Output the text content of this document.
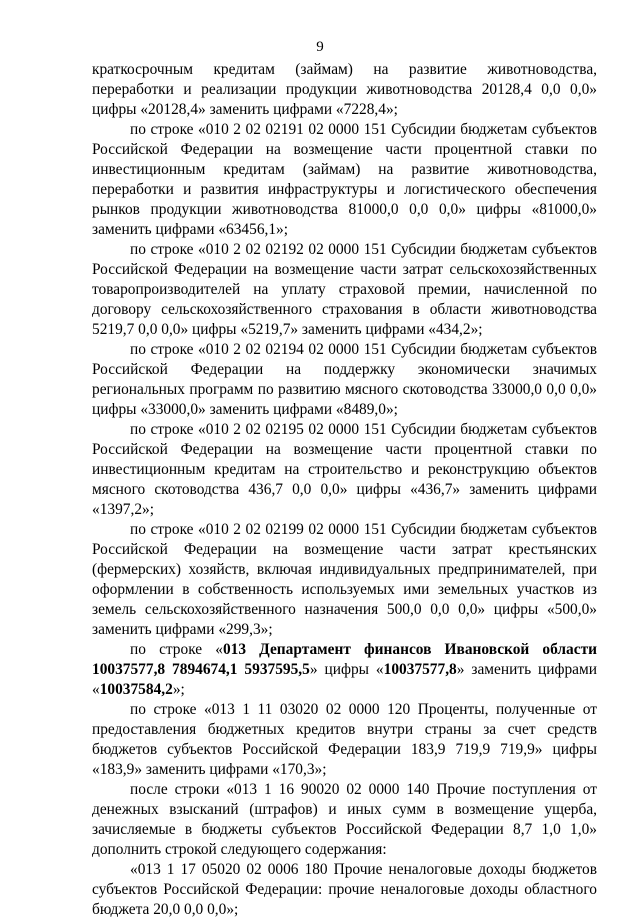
9

краткосрочным кредитам (займам) на развитие животноводства, переработки и реализации продукции животноводства 20128,4 0,0 0,0» цифры «20128,4» заменить цифрами «7228,4»;

по строке «010 2 02 02191 02 0000 151 Субсидии бюджетам субъектов Российской Федерации на возмещение части процентной ставки по инвестиционным кредитам (займам) на развитие животноводства, переработки и развития инфраструктуры и логистического обеспечения рынков продукции животноводства 81000,0 0,0 0,0» цифры «81000,0» заменить цифрами «63456,1»;

по строке «010 2 02 02192 02 0000 151 Субсидии бюджетам субъектов Российской Федерации на возмещение части затрат сельскохозяйственных товаропроизводителей на уплату страховой премии, начисленной по договору сельскохозяйственного страхования в области животноводства 5219,7 0,0 0,0» цифры «5219,7» заменить цифрами «434,2»;

по строке «010 2 02 02194 02 0000 151 Субсидии бюджетам субъектов Российской Федерации на поддержку экономически значимых региональных программ по развитию мясного скотоводства 33000,0 0,0 0,0» цифры «33000,0» заменить цифрами «8489,0»;

по строке «010 2 02 02195 02 0000 151 Субсидии бюджетам субъектов Российской Федерации на возмещение части процентной ставки по инвестиционным кредитам на строительство и реконструкцию объектов мясного скотоводства 436,7 0,0 0,0» цифры «436,7» заменить цифрами «1397,2»;

по строке «010 2 02 02199 02 0000 151 Субсидии бюджетам субъектов Российской Федерации на возмещение части затрат крестьянских (фермерских) хозяйств, включая индивидуальных предпринимателей, при оформлении в собственность используемых ими земельных участков из земель сельскохозяйственного назначения 500,0 0,0 0,0» цифры «500,0» заменить цифрами «299,3»;

по строке «013 Департамент финансов Ивановской области 10037577,8 7894674,1 5937595,5» цифры «10037577,8» заменить цифрами «10037584,2»;

по строке «013 1 11 03020 02 0000 120 Проценты, полученные от предоставления бюджетных кредитов внутри страны за счет средств бюджетов субъектов Российской Федерации 183,9 719,9 719,9» цифры «183,9» заменить цифрами «170,3»;

после строки «013 1 16 90020 02 0000 140 Прочие поступления от денежных взысканий (штрафов) и иных сумм в возмещение ущерба, зачисляемые в бюджеты субъектов Российской Федерации 8,7 1,0 1,0» дополнить строкой следующего содержания:

«013 1 17 05020 02 0006 180 Прочие неналоговые доходы бюджетов субъектов Российской Федерации: прочие неналоговые доходы областного бюджета 20,0 0,0 0,0»;
